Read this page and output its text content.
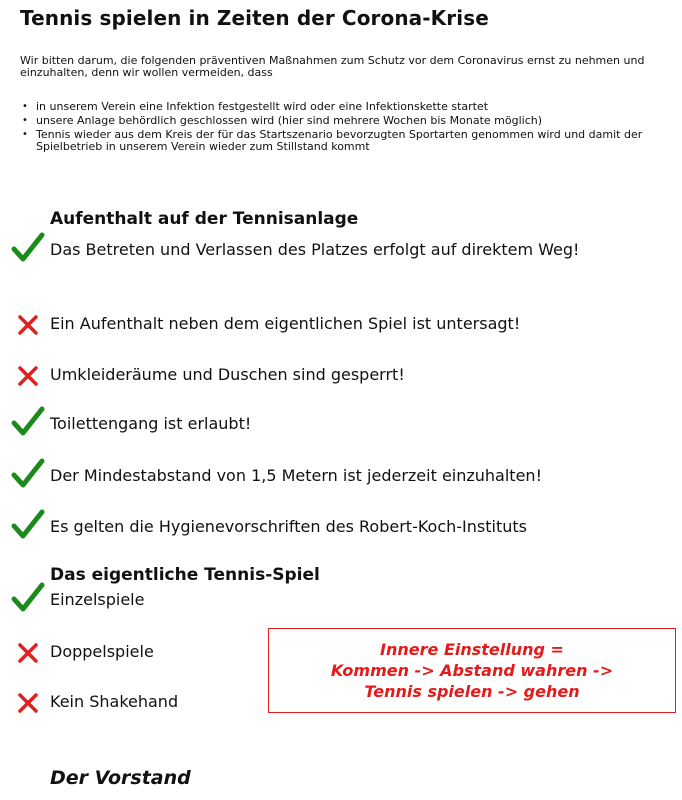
Tennis spielen in Zeiten der Corona-Krise

Wir bitten darum, die folgenden präventiven Maßnahmen zum Schutz vor dem Coronavirus ernst zu nehmen und einzuhalten, denn wir wollen vermeiden, dass

• in unserem Verein eine Infektion festgestellt wird oder eine Infektionskette startet
• unsere Anlage behördlich geschlossen wird (hier sind mehrere Wochen bis Monate möglich)
• Tennis wieder aus dem Kreis der für das Startszenario bevorzugten Sportarten genommen wird und damit der Spielbetrieb in unserem Verein wieder zum Stillstand kommt
Aufenthalt auf der Tennisanlage
Das Betreten und Verlassen des Platzes erfolgt auf direktem Weg!
Ein Aufenthalt neben dem eigentlichen Spiel ist untersagt!
Umkleideräume und Duschen sind gesperrt!
Toilettengang ist erlaubt!
Der Mindestabstand von 1,5 Metern ist jederzeit einzuhalten!
Es gelten die Hygienevorschriften des Robert-Koch-Instituts
Das eigentliche Tennis-Spiel
Einzelspiele
Doppelspiele
Kein Shakehand
Innere Einstellung =
Kommen -> Abstand wahren ->
Tennis spielen -> gehen

Der Vorstand
